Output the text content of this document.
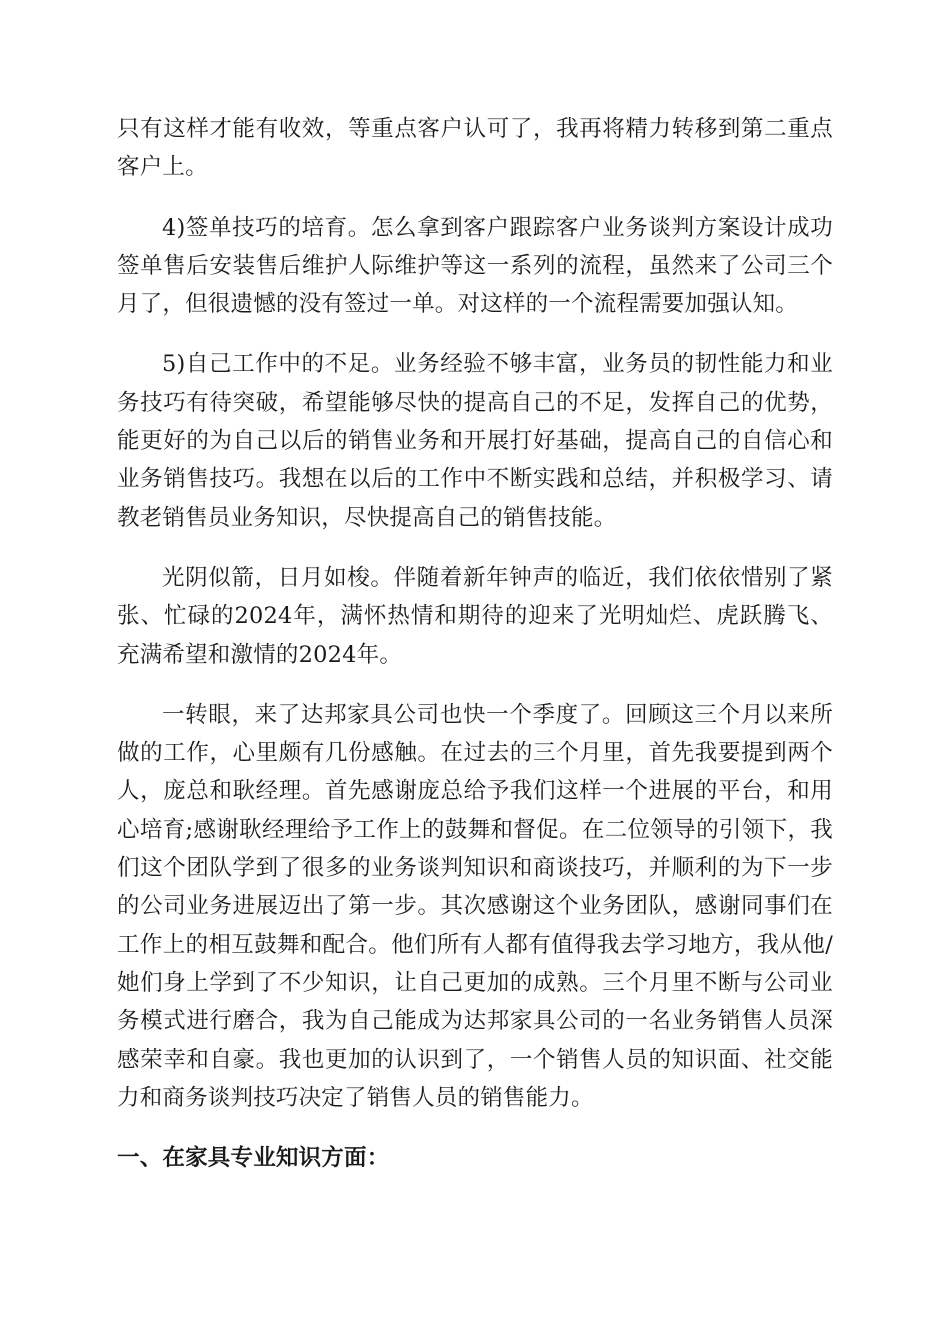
只有这样才能有收效，等重点客户认可了，我再将精力转移到第二重点客户上。

4)签单技巧的培育。怎么拿到客户跟踪客户业务谈判方案设计成功签单售后安装售后维护人际维护等这一系列的流程，虽然来了公司三个月了，但很遗憾的没有签过一单。对这样的一个流程需要加强认知。

5)自己工作中的不足。业务经验不够丰富，业务员的韧性能力和业务技巧有待突破，希望能够尽快的提高自己的不足，发挥自己的优势，能更好的为自己以后的销售业务和开展打好基础，提高自己的自信心和业务销售技巧。我想在以后的工作中不断实践和总结，并积极学习、请教老销售员业务知识，尽快提高自己的销售技能。

光阴似箭，日月如梭。伴随着新年钟声的临近，我们依依惜别了紧张、忙碌的2024年，满怀热情和期待的迎来了光明灿烂、虎跃腾飞、充满希望和激情的2024年。

一转眼，来了达邦家具公司也快一个季度了。回顾这三个月以来所做的工作，心里颇有几份感触。在过去的三个月里，首先我要提到两个人，庞总和耿经理。首先感谢庞总给予我们这样一个进展的平台，和用心培育;感谢耿经理给予工作上的鼓舞和督促。在二位领导的引领下，我们这个团队学到了很多的业务谈判知识和商谈技巧，并顺利的为下一步的公司业务进展迈出了第一步。其次感谢这个业务团队，感谢同事们在工作上的相互鼓舞和配合。他们所有人都有值得我去学习地方，我从他/她们身上学到了不少知识，让自己更加的成熟。三个月里不断与公司业务模式进行磨合，我为自己能成为达邦家具公司的一名业务销售人员深感荣幸和自豪。我也更加的认识到了，一个销售人员的知识面、社交能力和商务谈判技巧决定了销售人员的销售能力。

一、在家具专业知识方面：
